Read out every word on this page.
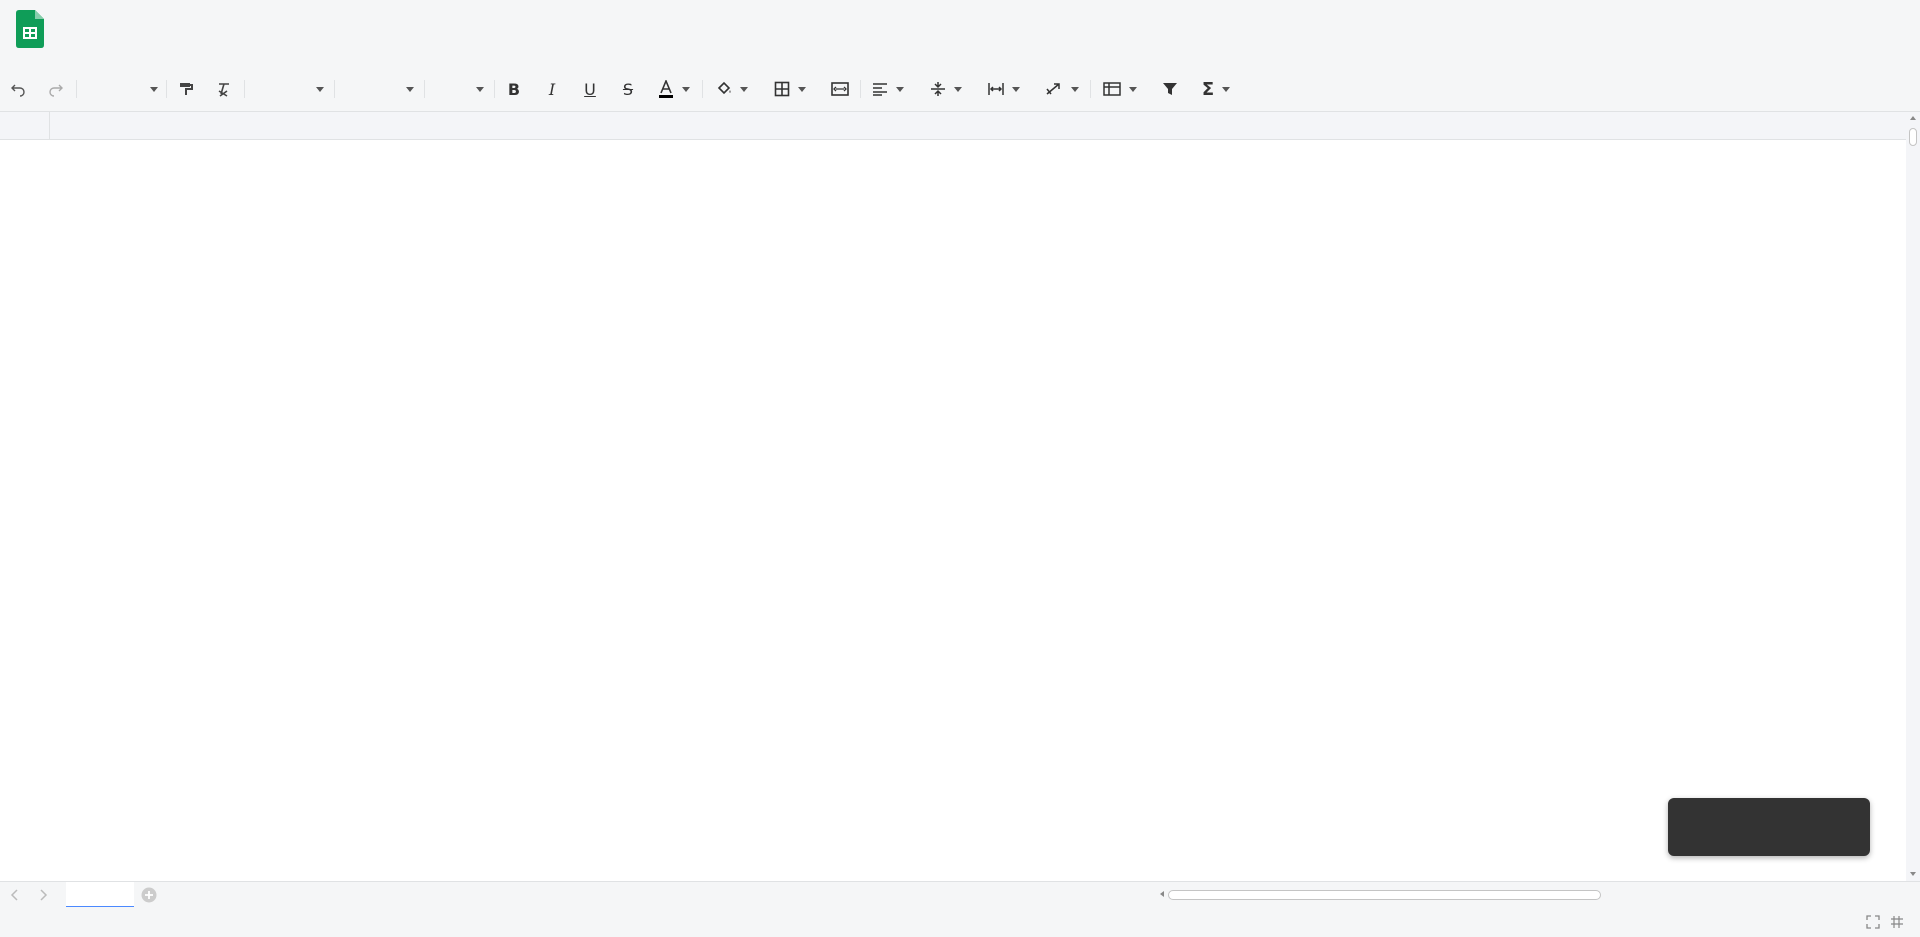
B	I	U	S	Σ
